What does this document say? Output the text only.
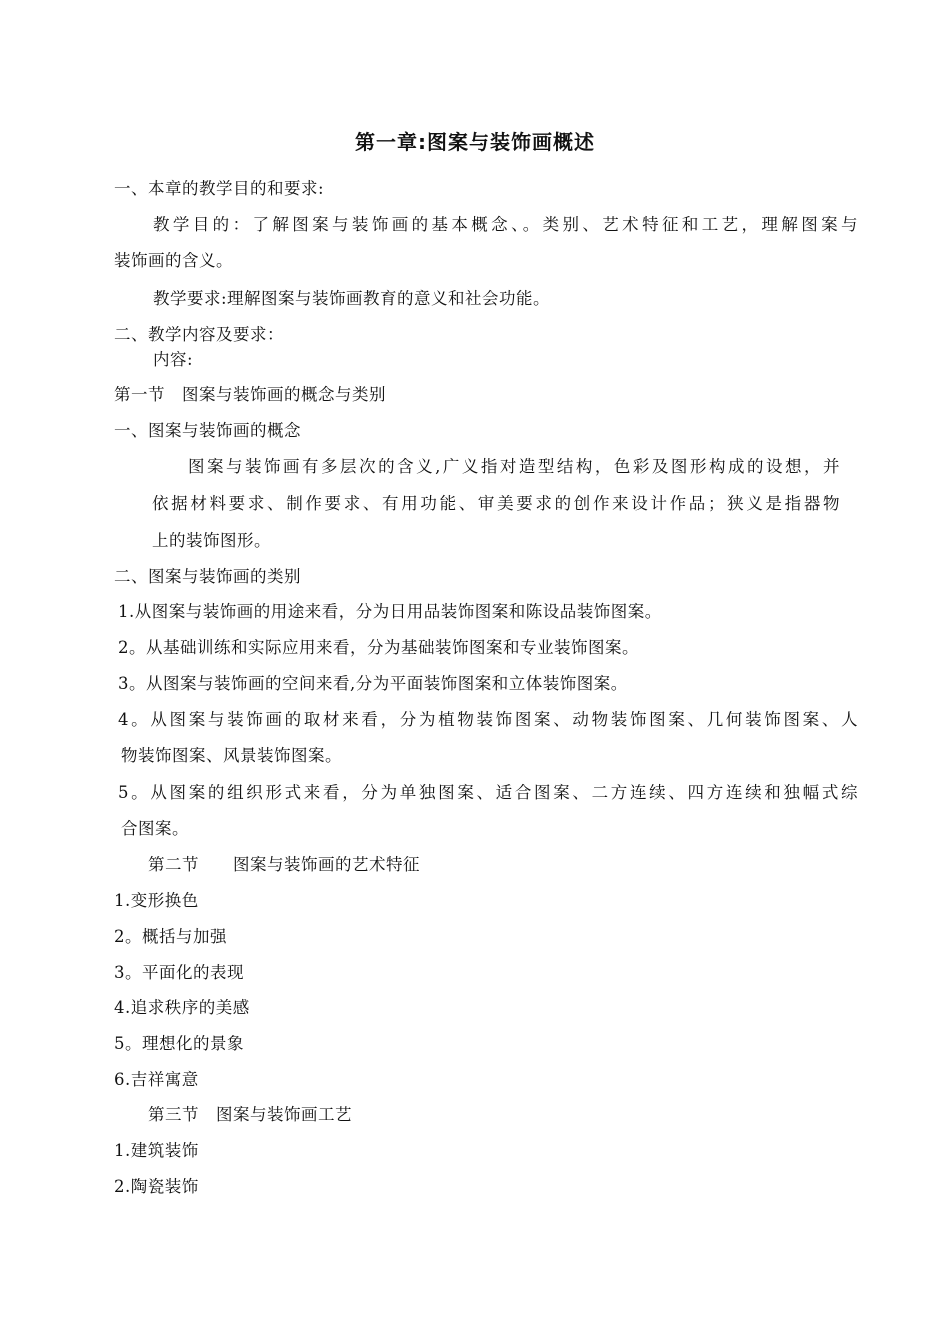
第一章:图案与装饰画概述
一、本章的教学目的和要求:
教学目的：了解图案与装饰画的基本概念、。类别、艺术特征和工艺，理解图案与
装饰画的含义。
教学要求:理解图案与装饰画教育的意义和社会功能。
二、教学内容及要求：
内容:
第一节　图案与装饰画的概念与类别
一、图案与装饰画的概念
图案与装饰画有多层次的含义,广义指对造型结构，色彩及图形构成的设想，并
依据材料要求、制作要求、有用功能、审美要求的创作来设计作品；狭义是指器物
上的装饰图形。
二、图案与装饰画的类别
1.从图案与装饰画的用途来看，分为日用品装饰图案和陈设品装饰图案。
2。从基础训练和实际应用来看，分为基础装饰图案和专业装饰图案。
3。从图案与装饰画的空间来看,分为平面装饰图案和立体装饰图案。
4。从图案与装饰画的取材来看，分为植物装饰图案、动物装饰图案、几何装饰图案、人
物装饰图案、风景装饰图案。
5。从图案的组织形式来看，分为单独图案、适合图案、二方连续、四方连续和独幅式综
合图案。
第二节　　图案与装饰画的艺术特征
1.变形换色
2。概括与加强
3。平面化的表现
4.追求秩序的美感
5。理想化的景象
6.吉祥寓意
第三节　图案与装饰画工艺
1.建筑装饰
2.陶瓷装饰
